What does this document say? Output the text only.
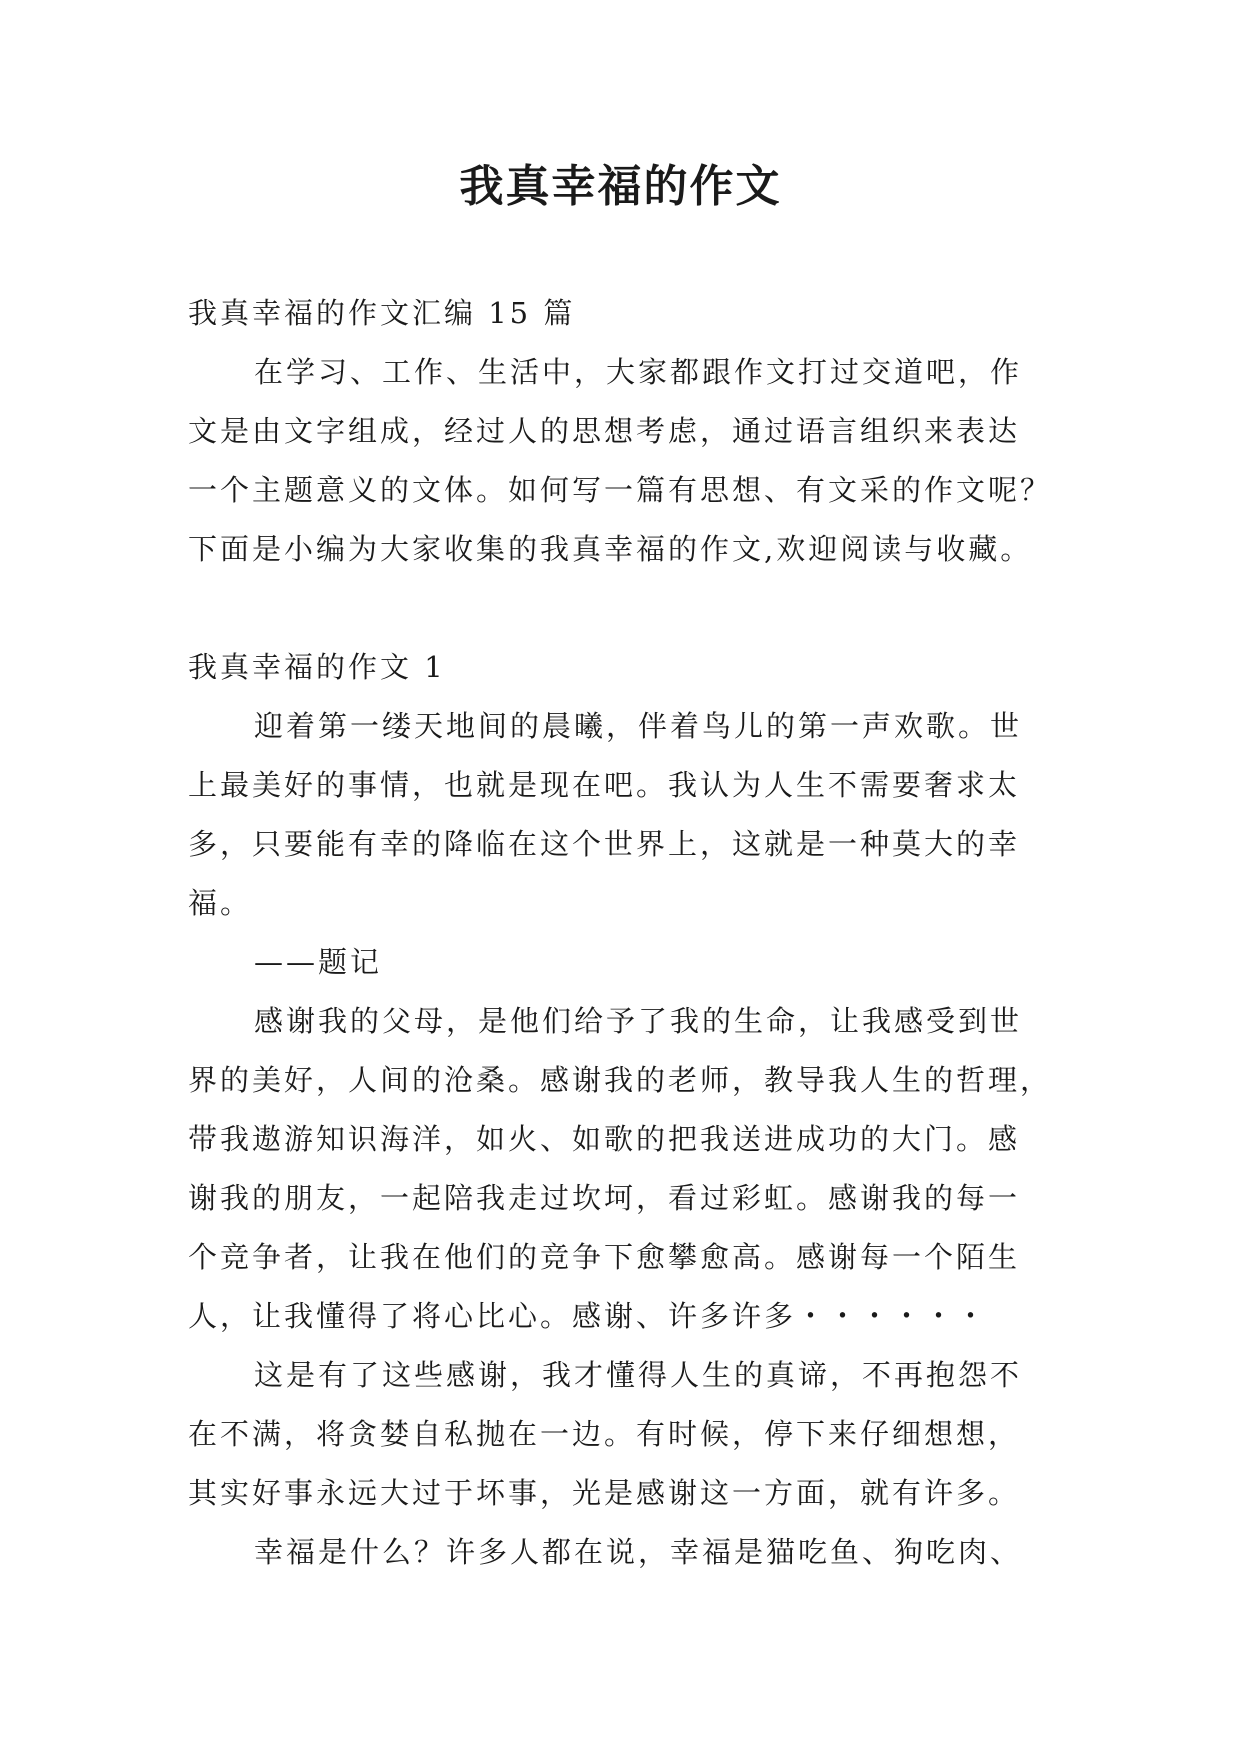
我真幸福的作文
我真幸福的作文汇编 15 篇
在学习、工作、生活中，大家都跟作文打过交道吧，作
文是由文字组成，经过人的思想考虑，通过语言组织来表达
一个主题意义的文体。如何写一篇有思想、有文采的作文呢？
下面是小编为大家收集的我真幸福的作文,欢迎阅读与收藏。
我真幸福的作文 1
迎着第一缕天地间的晨曦，伴着鸟儿的第一声欢歌。世
上最美好的事情，也就是现在吧。我认为人生不需要奢求太
多，只要能有幸的降临在这个世界上，这就是一种莫大的幸
福。
——题记
感谢我的父母，是他们给予了我的生命，让我感受到世
界的美好，人间的沧桑。感谢我的老师，教导我人生的哲理，
带我遨游知识海洋，如火、如歌的把我送进成功的大门。感
谢我的朋友，一起陪我走过坎坷，看过彩虹。感谢我的每一
个竞争者，让我在他们的竞争下愈攀愈高。感谢每一个陌生
人，让我懂得了将心比心。感谢、许多许多・・・・・・
这是有了这些感谢，我才懂得人生的真谛，不再抱怨不
在不满，将贪婪自私抛在一边。有时候，停下来仔细想想，
其实好事永远大过于坏事，光是感谢这一方面，就有许多。
幸福是什么？许多人都在说，幸福是猫吃鱼、狗吃肉、
